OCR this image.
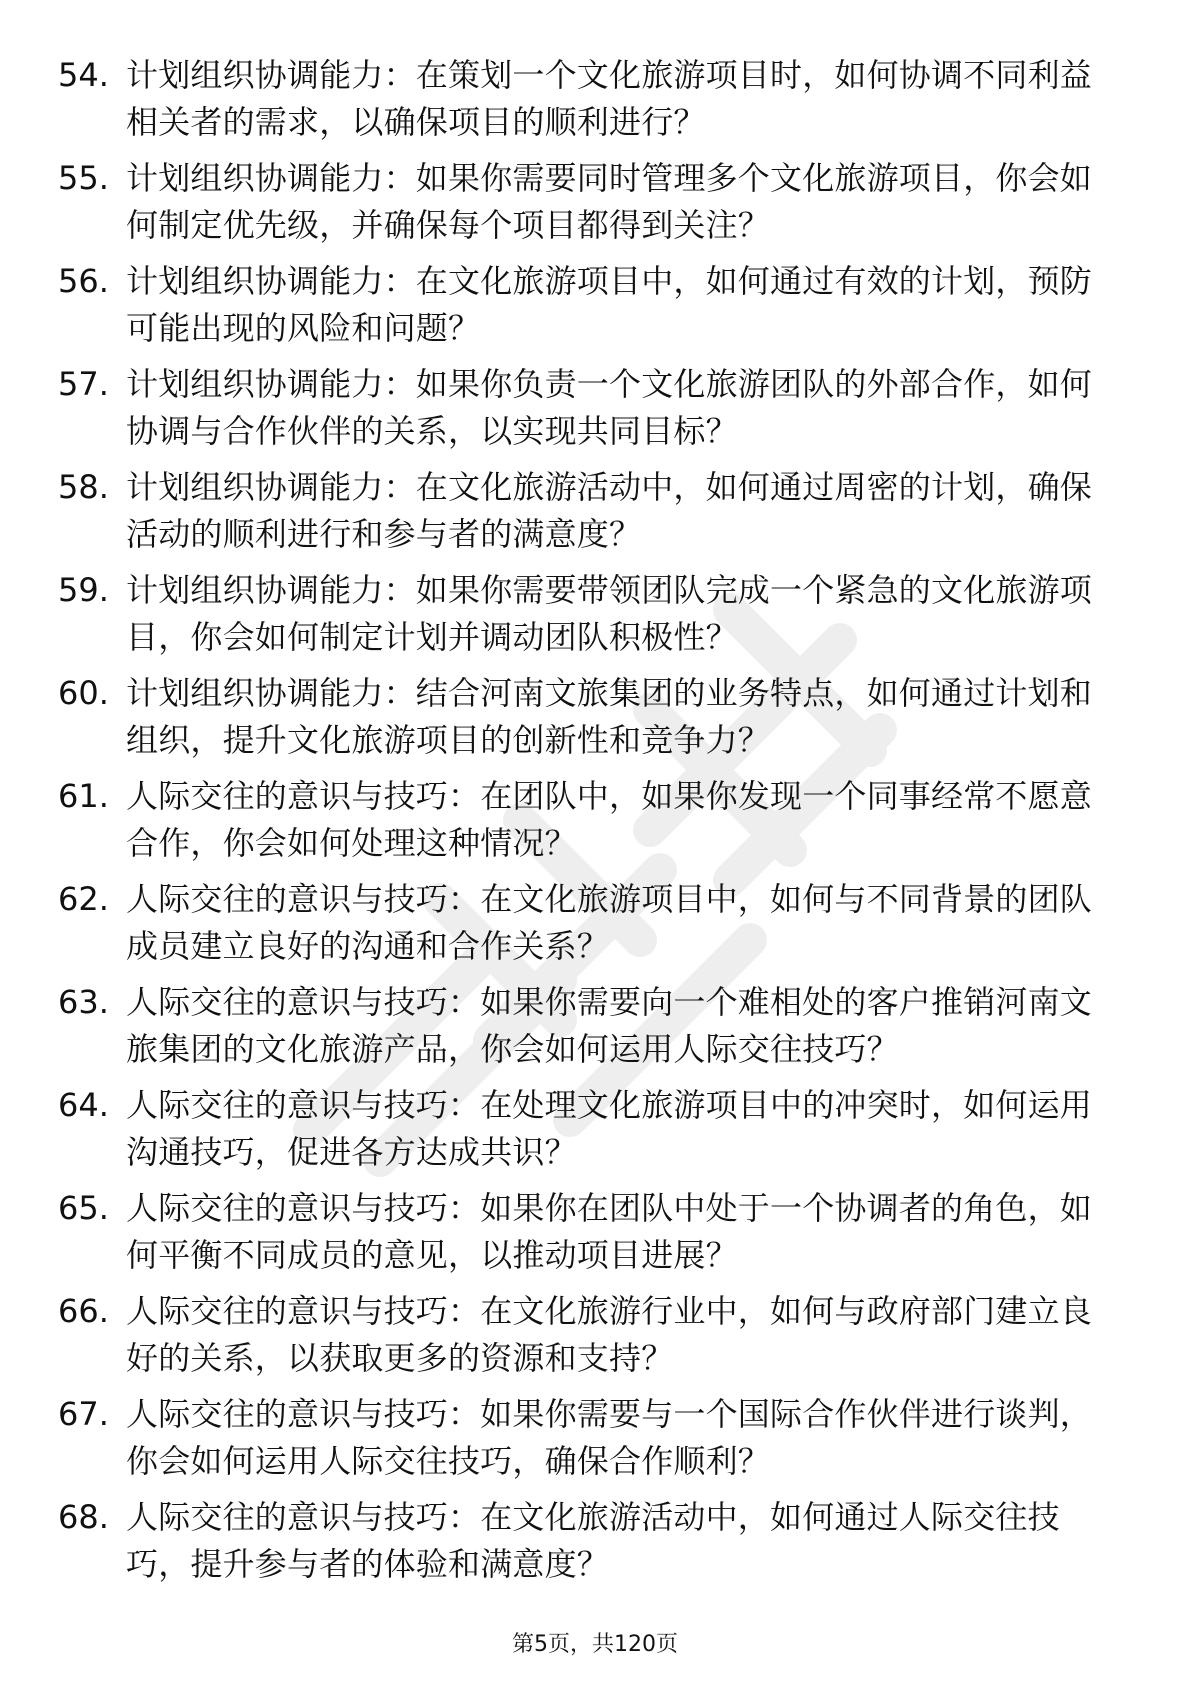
54. 计划组织协调能力：在策划一个文化旅游项目时，如何协调不同利益相关者的需求，以确保项目的顺利进行？
55. 计划组织协调能力：如果你需要同时管理多个文化旅游项目，你会如何制定优先级，并确保每个项目都得到关注？
56. 计划组织协调能力：在文化旅游项目中，如何通过有效的计划，预防可能出现的风险和问题？
57. 计划组织协调能力：如果你负责一个文化旅游团队的外部合作，如何协调与合作伙伴的关系，以实现共同目标？
58. 计划组织协调能力：在文化旅游活动中，如何通过周密的计划，确保活动的顺利进行和参与者的满意度？
59. 计划组织协调能力：如果你需要带领团队完成一个紧急的文化旅游项目，你会如何制定计划并调动团队积极性？
60. 计划组织协调能力：结合河南文旅集团的业务特点，如何通过计划和组织，提升文化旅游项目的创新性和竞争力？
61. 人际交往的意识与技巧：在团队中，如果你发现一个同事经常不愿意合作，你会如何处理这种情况？
62. 人际交往的意识与技巧：在文化旅游项目中，如何与不同背景的团队成员建立良好的沟通和合作关系？
63. 人际交往的意识与技巧：如果你需要向一个难相处的客户推销河南文旅集团的文化旅游产品，你会如何运用人际交往技巧？
64. 人际交往的意识与技巧：在处理文化旅游项目中的冲突时，如何运用沟通技巧，促进各方达成共识？
65. 人际交往的意识与技巧：如果你在团队中处于一个协调者的角色，如何平衡不同成员的意见，以推动项目进展？
66. 人际交往的意识与技巧：在文化旅游行业中，如何与政府部门建立良好的关系，以获取更多的资源和支持？
67. 人际交往的意识与技巧：如果你需要与一个国际合作伙伴进行谈判，你会如何运用人际交往技巧，确保合作顺利？
68. 人际交往的意识与技巧：在文化旅游活动中，如何通过人际交往技巧，提升参与者的体验和满意度？
第5页，共120页
